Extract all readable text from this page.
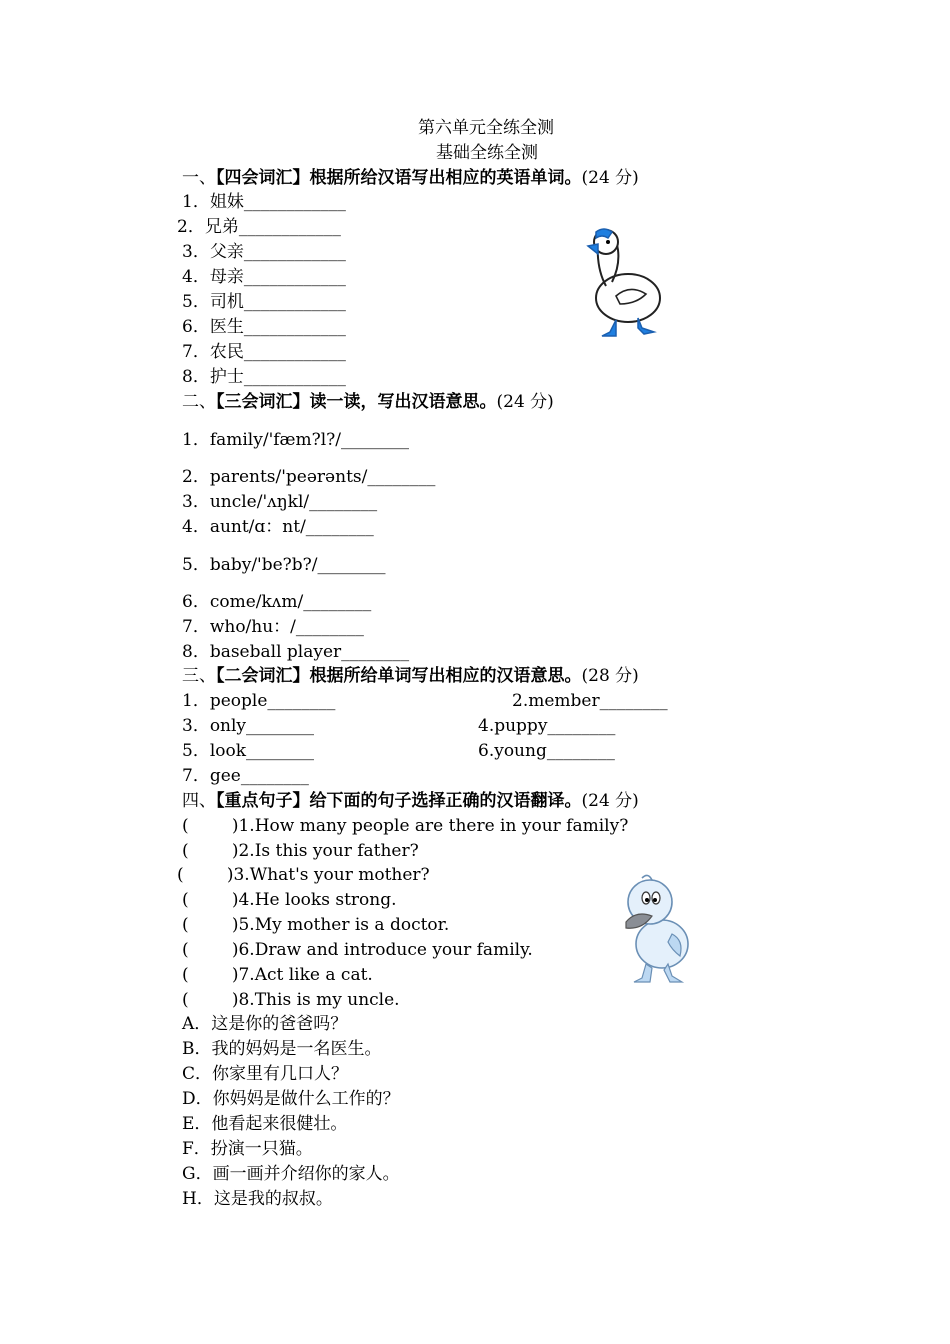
第六单元全练全测
基础全练全测
一、【四会词汇】根据所给汉语写出相应的英语单词。(24 分)
1．姐妹____________
2．兄弟____________
3．父亲____________
4．母亲____________
5．司机____________
6．医生____________
7．农民____________
8．护士____________
二、【三会词汇】读一读，写出汉语意思。(24 分)
1．family/'fæm?l?/________
2．parents/'peərənts/________
3．uncle/'ʌŋkl/________
4．aunt/ɑ：nt/________
5．baby/'be?b?/________
6．come/kʌm/________
7．who/hu：/________
8．baseball player________
三、【二会词汇】根据所给单词写出相应的汉语意思。(28 分)
1．people________	2.member________
3．only________	4.puppy________
5．look________	6.young________
7．gee________
四、【重点句子】给下面的句子选择正确的汉语翻译。(24 分)
(        )1.How many people are there in your family?
(        )2.Is this your father?
(        )3.What's your mother?
(        )4.He looks strong.
(        )5.My mother is a doctor.
(        )6.Draw and introduce your family.
(        )7.Act like a cat.
(        )8.This is my uncle.
A．这是你的爸爸吗？
B．我的妈妈是一名医生。
C．你家里有几口人？
D．你妈妈是做什么工作的？
E．他看起来很健壮。
F．扮演一只猫。
G．画一画并介绍你的家人。
H．这是我的叔叔。
